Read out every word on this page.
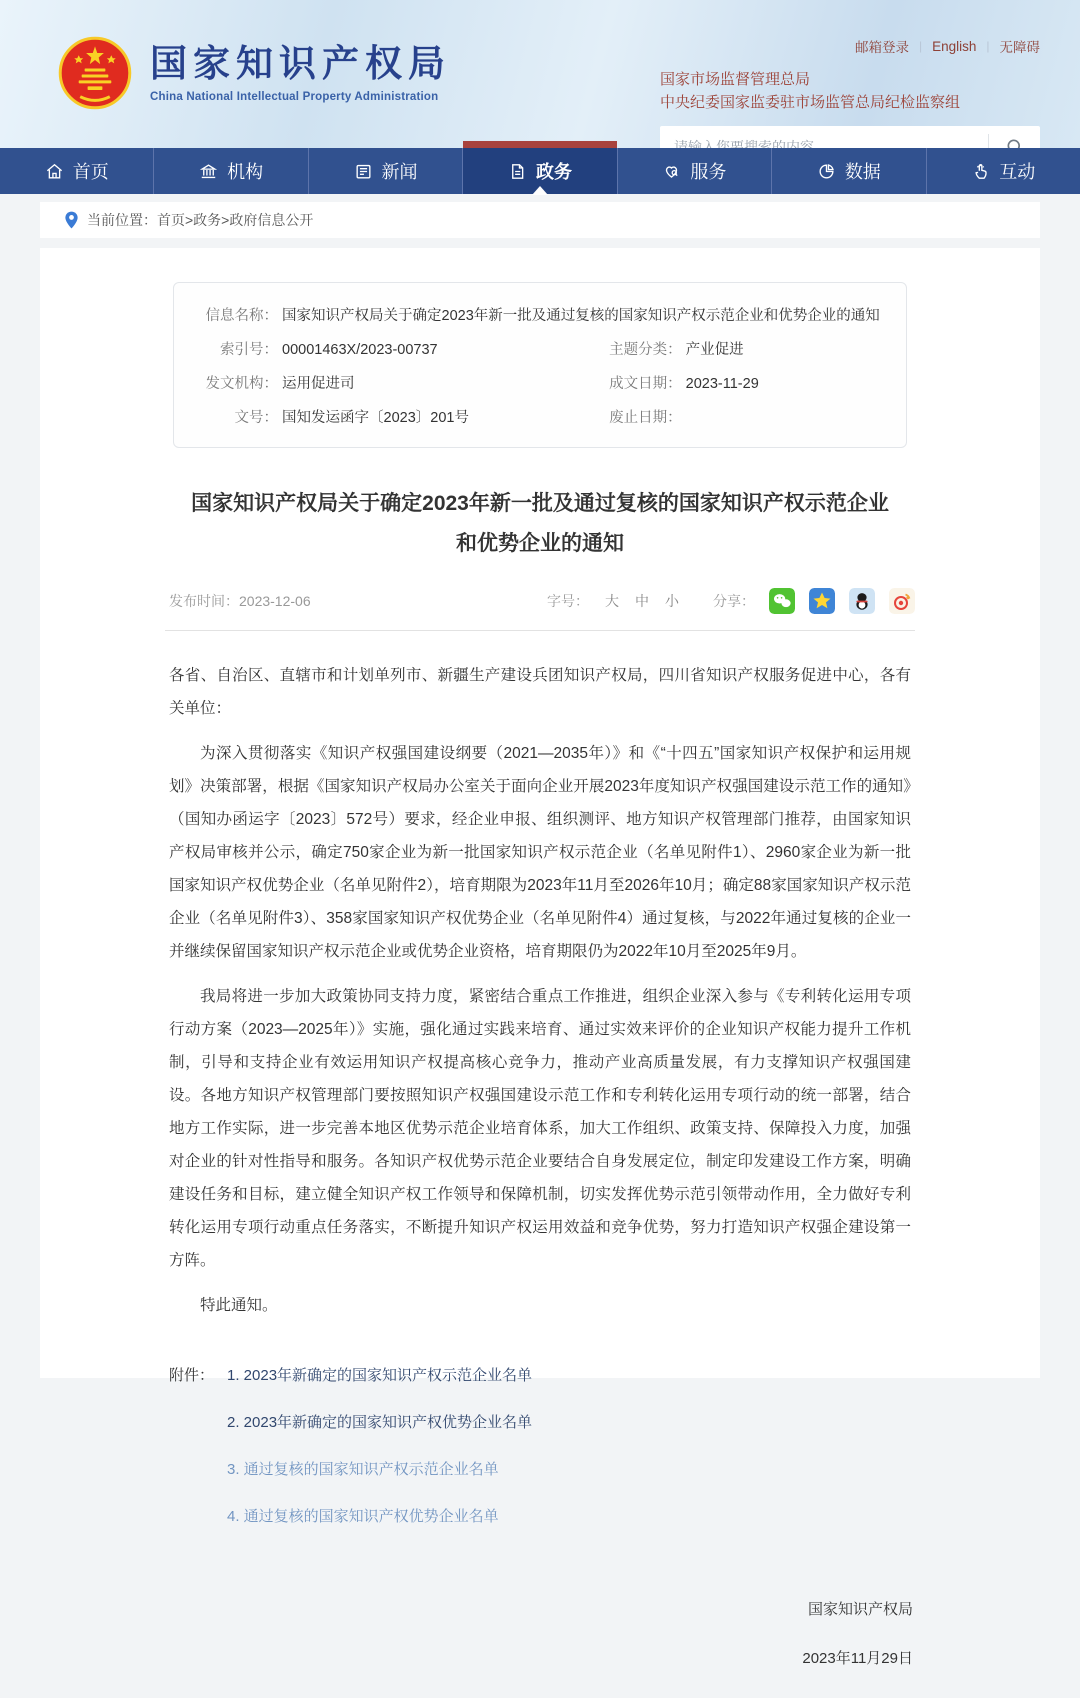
国家知识产权局
China National Intellectual Property Administration
邮箱登录 | English | 无障碍
国家市场监督管理总局
中央纪委国家监委驻市场监管总局纪检监察组
请输入您要搜索的内容
首页	机构	新闻	政务	服务	数据	互动
当前位置： 首页>政务>政府信息公开
信息名称： 国家知识产权局关于确定2023年新一批及通过复核的国家知识产权示范企业和优势企业的通知
索引号： 00001463X/2023-00737	主题分类： 产业促进
发文机构： 运用促进司	成文日期： 2023-11-29
文号： 国知发运函字〔2023〕201号	废止日期：
国家知识产权局关于确定2023年新一批及通过复核的国家知识产权示范企业
和优势企业的通知
发布时间：2023-12-06	字号： 大 中 小 分享：

各省、自治区、直辖市和计划单列市、新疆生产建设兵团知识产权局，四川省知识产权服务促进中心，各有关单位：

为深入贯彻落实《知识产权强国建设纲要（2021—2035年）》和《“十四五”国家知识产权保护和运用规划》决策部署，根据《国家知识产权局办公室关于面向企业开展2023年度知识产权强国建设示范工作的通知》（国知办函运字〔2023〕572号）要求，经企业申报、组织测评、地方知识产权管理部门推荐，由国家知识产权局审核并公示，确定750家企业为新一批国家知识产权示范企业（名单见附件1）、2960家企业为新一批国家知识产权优势企业（名单见附件2），培育期限为2023年11月至2026年10月；确定88家国家知识产权示范企业（名单见附件3）、358家国家知识产权优势企业（名单见附件4）通过复核，与2022年通过复核的企业一并继续保留国家知识产权示范企业或优势企业资格，培育期限仍为2022年10月至2025年9月。

我局将进一步加大政策协同支持力度，紧密结合重点工作推进，组织企业深入参与《专利转化运用专项行动方案（2023—2025年）》实施，强化通过实践来培育、通过实效来评价的企业知识产权能力提升工作机制，引导和支持企业有效运用知识产权提高核心竞争力，推动产业高质量发展，有力支撑知识产权强国建设。各地方知识产权管理部门要按照知识产权强国建设示范工作和专利转化运用专项行动的统一部署，结合地方工作实际，进一步完善本地区优势示范企业培育体系，加大工作组织、政策支持、保障投入力度，加强对企业的针对性指导和服务。各知识产权优势示范企业要结合自身发展定位，制定印发建设工作方案，明确建设任务和目标，建立健全知识产权工作领导和保障机制，切实发挥优势示范引领带动作用，全力做好专利转化运用专项行动重点任务落实，不断提升知识产权运用效益和竞争优势，努力打造知识产权强企建设第一方阵。

特此通知。

附件： 1. 2023年新确定的国家知识产权示范企业名单
2. 2023年新确定的国家知识产权优势企业名单
3. 通过复核的国家知识产权示范企业名单
4. 通过复核的国家知识产权优势企业名单
国家知识产权局
2023年11月29日
